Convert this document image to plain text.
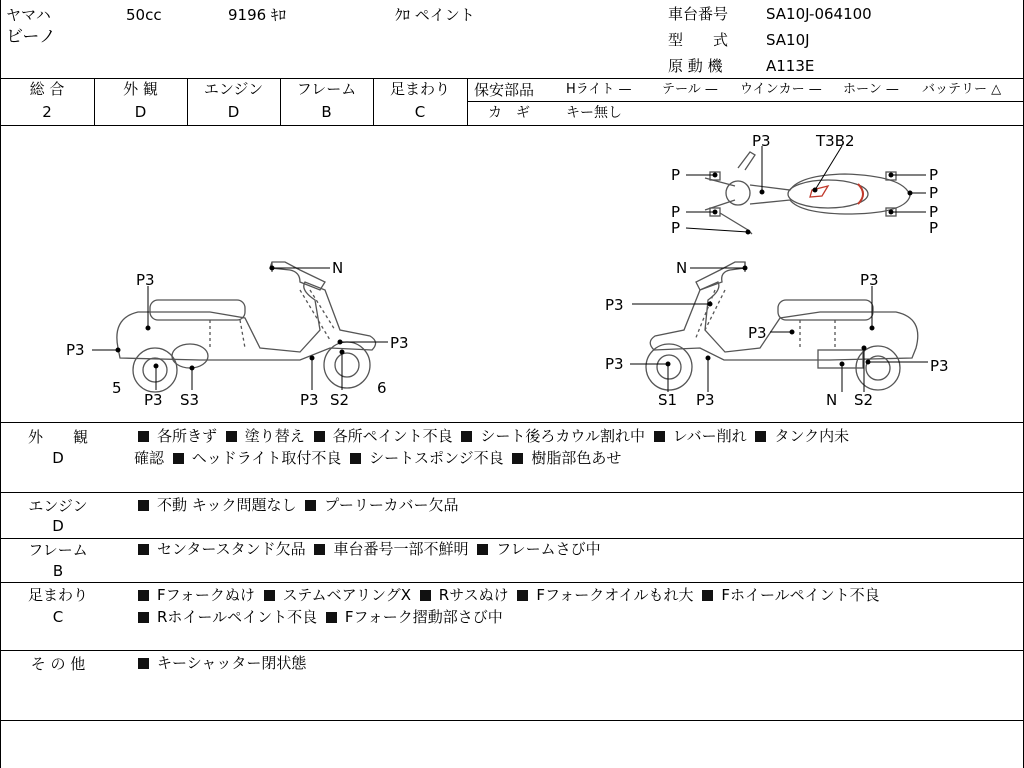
ヤマハ
ビーノ
50cc	9196 ｷﾛ	ｸﾛ ペイント	車台番号	SA10J-064100
型　　式	SA10J
原 動 機	A113E
総 合	外 観	エンジン	フレーム	足まわり
2	D	D	B	C
保安部品 Hライト — テール — ウインカー — ホーン — バッテリー △
カ　ギ	キー無し
P3
N
P3	P3
5
P3 S3	P3 S2
6
N
P3
P3
P3
P3	P3
S1 P3	N S2
P3	T3B2
P
P
P
P
P
P
P
外　　観
D
各所きず 塗り替え 各所ペイント不良 シート後ろカウル割れ中 レバー削れ タンク内未
確認 ヘッドライト取付不良 シートスポンジ不良 樹脂部色あせ
エンジン
D
不動 キック問題なし プーリーカバー欠品
フレーム
B
センタースタンド欠品 車台番号一部不鮮明 フレームさび中
足まわり
C
Fフォークぬけ ステムベアリングX Rサスぬけ Fフォークオイルもれ大 Fホイールペイント不良
Rホイールペイント不良 Fフォーク摺動部さび中
そ の 他	キーシャッター閉状態
